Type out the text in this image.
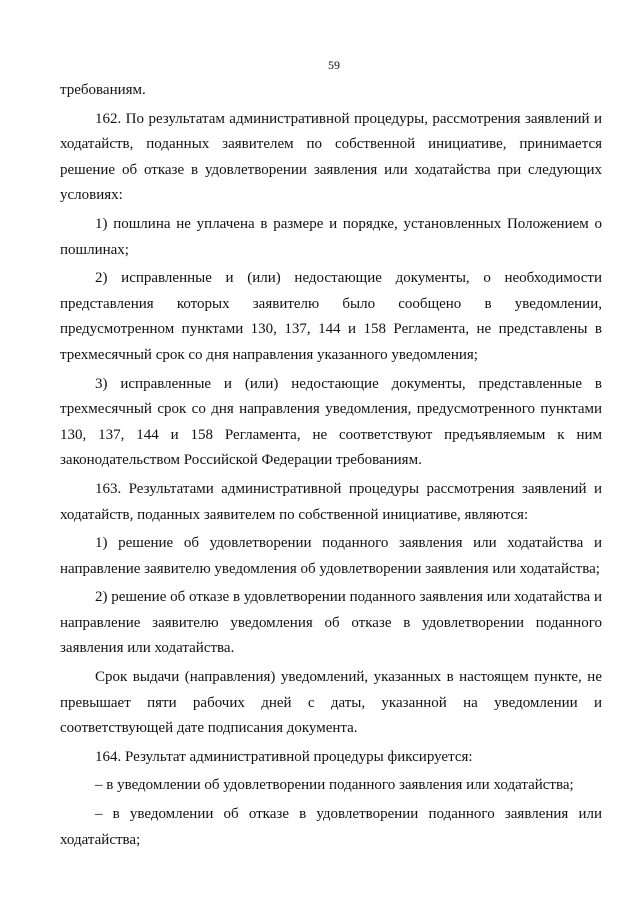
59

требованиям.

162. По результатам административной процедуры, рассмотрения заявлений и ходатайств, поданных заявителем по собственной инициативе, принимается решение об отказе в удовлетворении заявления или ходатайства при следующих условиях:

1) пошлина не уплачена в размере и порядке, установленных Положением о пошлинах;

2) исправленные и (или) недостающие документы, о необходимости представления которых заявителю было сообщено в уведомлении, предусмотренном пунктами 130, 137, 144 и 158 Регламента, не представлены в трехмесячный срок со дня направления указанного уведомления;

3) исправленные и (или) недостающие документы, представленные в трехмесячный срок со дня направления уведомления, предусмотренного пунктами 130, 137, 144 и 158 Регламента, не соответствуют предъявляемым к ним законодательством Российской Федерации требованиям.

163. Результатами административной процедуры рассмотрения заявлений и ходатайств, поданных заявителем по собственной инициативе, являются:

1) решение об удовлетворении поданного заявления или ходатайства и направление заявителю уведомления об удовлетворении заявления или ходатайства;

2) решение об отказе в удовлетворении поданного заявления или ходатайства и направление заявителю уведомления об отказе в удовлетворении поданного заявления или ходатайства.

Срок выдачи (направления) уведомлений, указанных в настоящем пункте, не превышает пяти рабочих дней с даты, указанной на уведомлении и соответствующей дате подписания документа.

164. Результат административной процедуры фиксируется:

– в уведомлении об удовлетворении поданного заявления или ходатайства;

– в уведомлении об отказе в удовлетворении поданного заявления или ходатайства;
